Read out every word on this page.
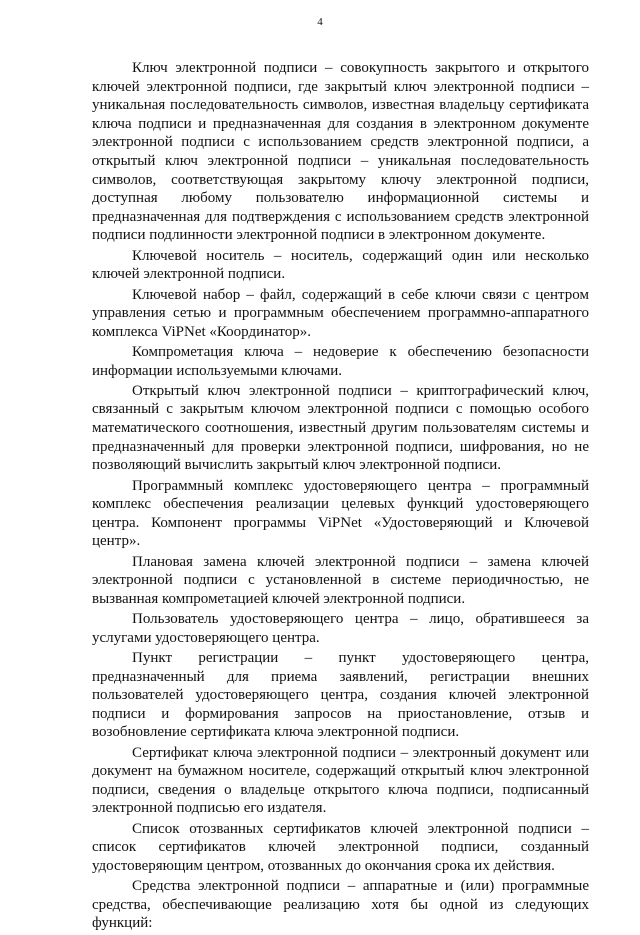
4

Ключ электронной подписи – совокупность закрытого и открытого ключей электронной подписи, где закрытый ключ электронной подписи – уникальная последовательность символов, известная владельцу сертификата ключа подписи и предназначенная для создания в электронном документе электронной подписи с использованием средств электронной подписи, а открытый ключ электронной подписи – уникальная последовательность символов, соответствующая закрытому ключу электронной подписи, доступная любому пользователю информационной системы и предназначенная для подтверждения с использованием средств электронной подписи подлинности электронной подписи в электронном документе.

Ключевой носитель – носитель, содержащий один или несколько ключей электронной подписи.

Ключевой набор – файл, содержащий в себе ключи связи с центром управления сетью и программным обеспечением программно-аппаратного комплекса ViPNet «Координатор».

Компрометация ключа – недоверие к обеспечению безопасности информации используемыми ключами.

Открытый ключ электронной подписи – криптографический ключ, связанный с закрытым ключом электронной подписи с помощью особого математического соотношения, известный другим пользователям системы и предназначенный для проверки электронной подписи, шифрования, но не позволяющий вычислить закрытый ключ электронной подписи.

Программный комплекс удостоверяющего центра – программный комплекс обеспечения реализации целевых функций удостоверяющего центра. Компонент программы ViPNet «Удостоверяющий и Ключевой центр».

Плановая замена ключей электронной подписи – замена ключей электронной подписи с установленной в системе периодичностью, не вызванная компрометацией ключей электронной подписи.

Пользователь удостоверяющего центра – лицо, обратившееся за услугами удостоверяющего центра.

Пункт регистрации – пункт удостоверяющего центра, предназначенный для приема заявлений, регистрации внешних пользователей удостоверяющего центра, создания ключей электронной подписи и формирования запросов на приостановление, отзыв и возобновление сертификата ключа электронной подписи.

Сертификат ключа электронной подписи – электронный документ или документ на бумажном носителе, содержащий открытый ключ электронной подписи, сведения о владельце открытого ключа подписи, подписанный электронной подписью его издателя.

Список отозванных сертификатов ключей электронной подписи – список сертификатов ключей электронной подписи, созданный удостоверяющим центром, отозванных до окончания срока их действия.

Средства электронной подписи – аппаратные и (или) программные средства, обеспечивающие реализацию хотя бы одной из следующих функций:
